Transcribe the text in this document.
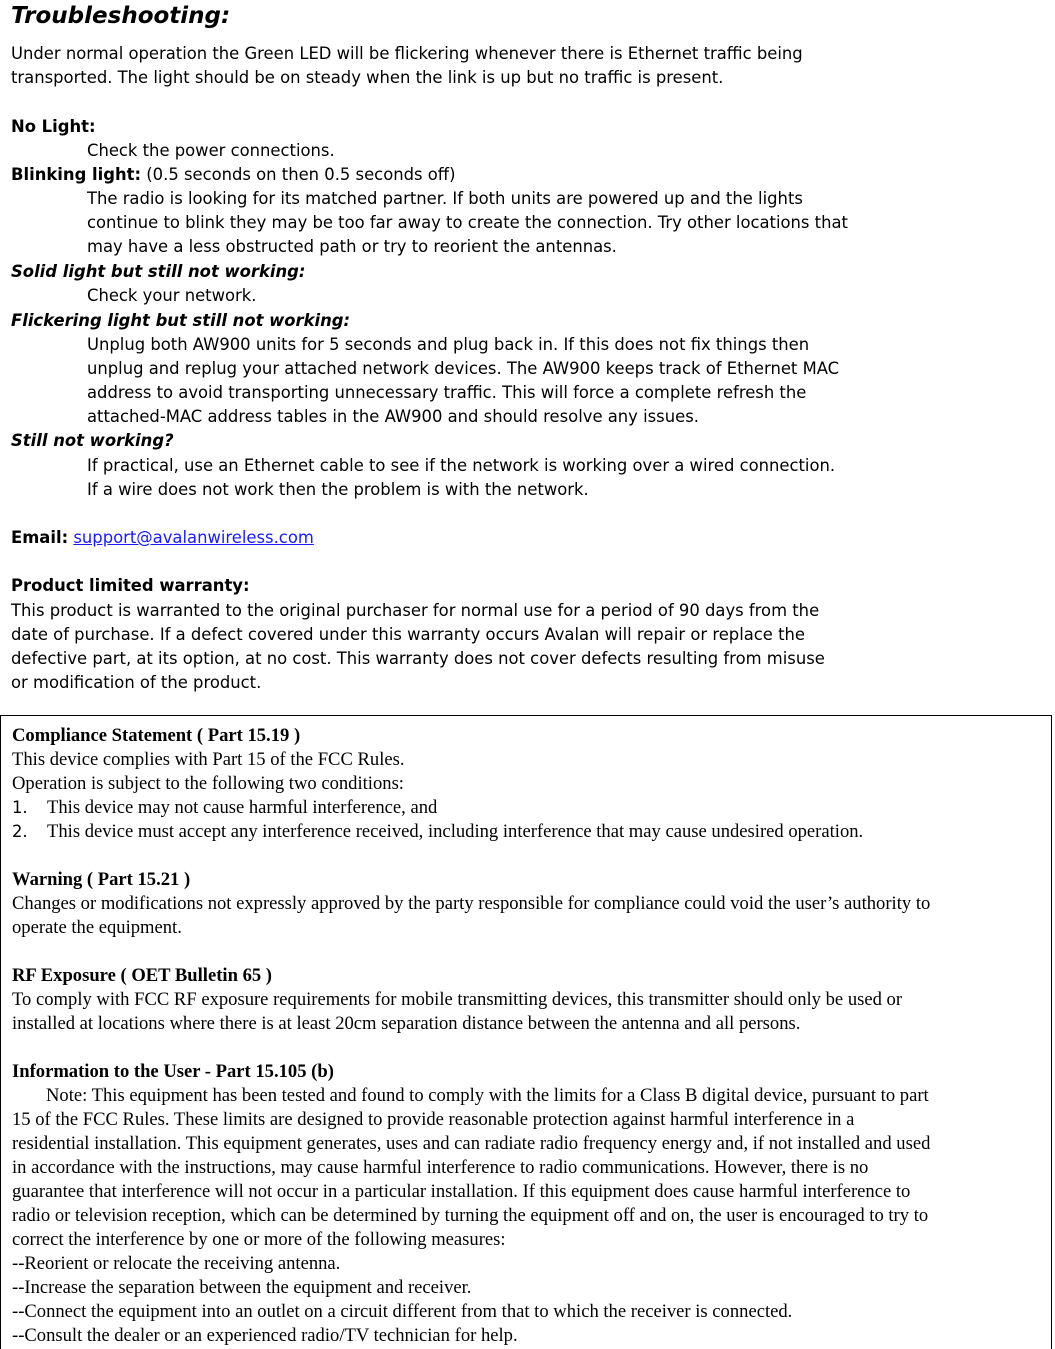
Troubleshooting:
Under normal operation the Green LED will be flickering whenever there is Ethernet traffic being
transported. The light should be on steady when the link is up but no traffic is present.
No Light:
Check the power connections.
Blinking light: (0.5 seconds on then 0.5 seconds off)
The radio is looking for its matched partner. If both units are powered up and the lights
continue to blink they may be too far away to create the connection. Try other locations that
may have a less obstructed path or try to reorient the antennas.
Solid light but still not working:
Check your network.
Flickering light but still not working:
Unplug both AW900 units for 5 seconds and plug back in. If this does not fix things then
unplug and replug your attached network devices. The AW900 keeps track of Ethernet MAC
address to avoid transporting unnecessary traffic. This will force a complete refresh the
attached-MAC address tables in the AW900 and should resolve any issues.
Still not working?
If practical, use an Ethernet cable to see if the network is working over a wired connection.
If a wire does not work then the problem is with the network.
Email: support@avalanwireless.com
Product limited warranty:
This product is warranted to the original purchaser for normal use for a period of 90 days from the
date of purchase. If a defect covered under this warranty occurs Avalan will repair or replace the
defective part, at its option, at no cost. This warranty does not cover defects resulting from misuse
or modification of the product.
Compliance Statement ( Part 15.19 )
This device complies with Part 15 of the FCC Rules.
Operation is subject to the following two conditions:
1. This device may not cause harmful interference, and
2. This device must accept any interference received, including interference that may cause undesired operation.
Warning ( Part 15.21 )
Changes or modifications not expressly approved by the party responsible for compliance could void the user’s authority to
operate the equipment.
RF Exposure ( OET Bulletin 65 )
To comply with FCC RF exposure requirements for mobile transmitting devices, this transmitter should only be used or
installed at locations where there is at least 20cm separation distance between the antenna and all persons.
Information to the User - Part 15.105 (b)
Note: This equipment has been tested and found to comply with the limits for a Class B digital device, pursuant to part
15 of the FCC Rules. These limits are designed to provide reasonable protection against harmful interference in a
residential installation. This equipment generates, uses and can radiate radio frequency energy and, if not installed and used
in accordance with the instructions, may cause harmful interference to radio communications. However, there is no
guarantee that interference will not occur in a particular installation. If this equipment does cause harmful interference to
radio or television reception, which can be determined by turning the equipment off and on, the user is encouraged to try to
correct the interference by one or more of the following measures:
--Reorient or relocate the receiving antenna.
--Increase the separation between the equipment and receiver.
--Connect the equipment into an outlet on a circuit different from that to which the receiver is connected.
--Consult the dealer or an experienced radio/TV technician for help.
